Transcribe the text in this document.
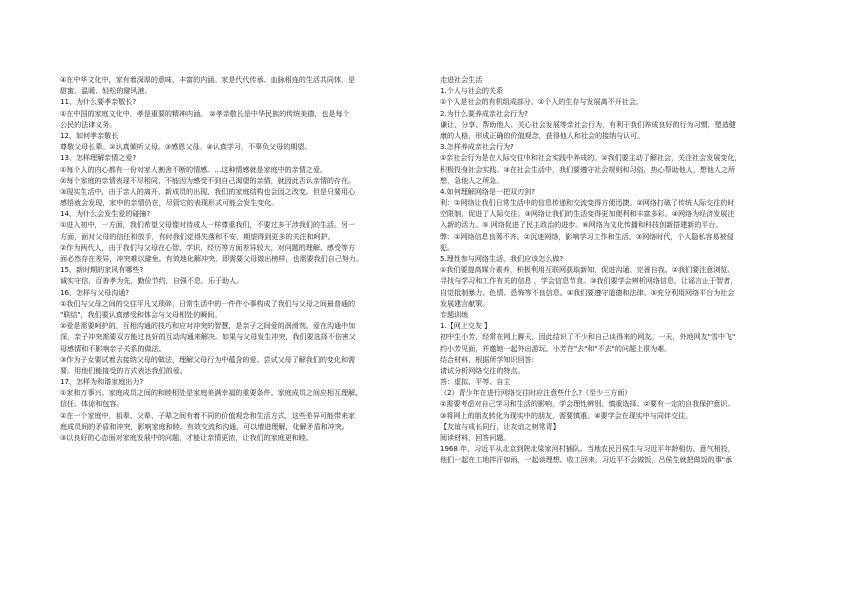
④在中华文化中，家有着深厚的意味，丰富的内涵。家是代代传承、血脉相连的生活共同体，是
甜蜜、温暖、轻松的避风港。
11、为什么要孝亲敬长?
①在中国的家庭文化中，孝是重要的精神内涵。 ②孝亲敬长是中华民族的传统美德，也是每个
公民的法律义务。
12、如何孝亲敬长
尊敬父母长辈。②认真倾听父母。③感恩父母。④认真学习，不辜负父母的期望。
13、怎样理解亲情之爱?
①每个人的内心都有一份对家人割舍不断的情感。…这种情感就是家庭中的亲情之爱。
②每个家庭的亲情表现不尽相同，不能因为感受不到自己渴望的亲情，就因此否认亲情的存在。
③现实生活中，由于亲人的离开、新成员的出现，我们的家庭结构也会因之改变。但是只要用心
感悟就会发现，家中的亲情仍在，尽管它的表现形式可能会发生变化。
14、为什么会发生爱的碰撞?
①进入初中，一方面，我们希望父母像对待成人一样尊重我们，不要过多干涉我们的生活。另一
方面，面对父母的信任和放手，有时我们觉得失落和不安，期望得到更多的关注和呵护。
②作为两代人，由于我们与父母在心智、学识，经历等方面差异较大，对问题的理解、感受等方
面必然存在差异，冲突难以避免。有效地化解冲突，即需要父母做出榜样，也需要我们自己努力。
15、新时期的家风有哪些?
诚实守信，百善孝为先，勤俭节约，自强不息，乐于助人。
16、怎样与父母沟通?
①我们与父母之间的交往平凡又琐碎，日常生活中的一件件小事构成了我们与父母之间最普通的
"联结"，我们要认真感受和体会与父母相处的瞬间。
②爱是需要呵护的，互相沟通的技巧和应对冲突的智慧，是亲子之间爱的润滑剂。爱在沟通中加
深，亲子冲突需要双方能过良好的互动沟通来解决。如果与父母发生冲突，我们要选择不伤害父
母感情和不影响亲子关系的做法。
③作为子女要试着去接纳父母的做法，理解父母行为中蕴含的爱。尝试父母了解我们的变化和需
要。用他们能接受的方式表达我们的爱。
17、怎样为和谐家庭出力?
①家和万事兴。家庭成员之间的和睦相处是家庭美满幸福的重要条件。家庭成员之间应相互理解、
信任、体谅和包容。
②在一个家庭中，祖辈、父辈、子辈之间有着不同的价值观念和生活方式，这些差异可能带来家
庭成员间的矛盾和冲突，影响家庭和睦。有效交流和沟通，可以增进理解，化解矛盾和冲突。
③以良好的心态面对家庭发展中的问题，才能让亲情更浓，让我们的家庭更和睦。
走进社会生活
1.个人与社会的关系
①个人是社会的有机组成部分。②个人的生存与发展离不开社会。
2.为什么要养成亲社会行为?
谦让、分享、帮助他人、关心社会发展等亲社会行为，有利于我们养成良好的行为习惯，塑造健
康的人格，形成正确的价值观念，获得他人和社会的接纳与认可。
3.怎样养成亲社会行为?
①亲社会行为是在人际交往中和社会实践中养成的。②我们要主动了解社会，关注社会发展变化，
积极投身社会实践。③在社会生活中，我们要遵守社会规则和习俗，热心帮助他人，想他人之所
想，急他人之所急。
4.如何理解网络是一把双刃剑?
利：①网络让我们日常生活中的信息传递和交流变得方便迅捷。②网络打破了传统人际交往的时
空限制，促进了人际交往。③网络让我们的生活变得更加便利和丰富多彩。④网络为经济发展注
入新的活力。⑤ 网络促进了民主政治的进步。⑥网络为文化传播和科技创新搭建新的平台。
弊：①网络信息良莠不齐。②沉迷网络，影响学习工作和生活。③网络时代，个人隐私容易被侵
犯。
5.理性参与网络生活，我们应该怎么做?
①我们要提高媒介素养，积极利用互联网获取新知，促进沟通、完善自我。②我们要注意浏览、
寻找与学习和工作有关的信息 ，学会信息节食。③我们要学会辨析网络信息，让谣言止于智者，
自觉抵制暴力、色情、恐怖等不良信息。④我们要遵守道德和法律。⑤充分利用网络平台为社会
发展建言献策。
专题训练
1.【网上交友 】
初中生小芳，经常在网上聊天，因此结识了不少和自己谈得来的网友。一天，外地网友"雪中飞"
约小芳见面，并邀她一起外出游玩。小芳在"去"和"不去"的问题上很为难。
结合材料，根据所学知识回答:
请试分析网络交往的特点。
答：虚拟、平等、自主
（2）青少年在进行网络交往时应注意些什么?（至少三方面）
①需要考虑对自己学习和生活的影响，学会理性辨别、慎重选择。②要有一定的自我保护意识。
③将网上的朋友转化为现实中的朋友，需要慎重。④要学会在现实中与同伴交往。
【友谊与成长同行，让友谊之树常青】
阅读材料，回答问题。
1968 年，习近平从北京到陕北梁家河村插队。当地农民吕侯生与习近平年龄相仿、意气相投，
他们一起在工地拌汗如雨，一起谈理想。收工回来，习近平不会做饭，吕侯生就把做饭的事"承
